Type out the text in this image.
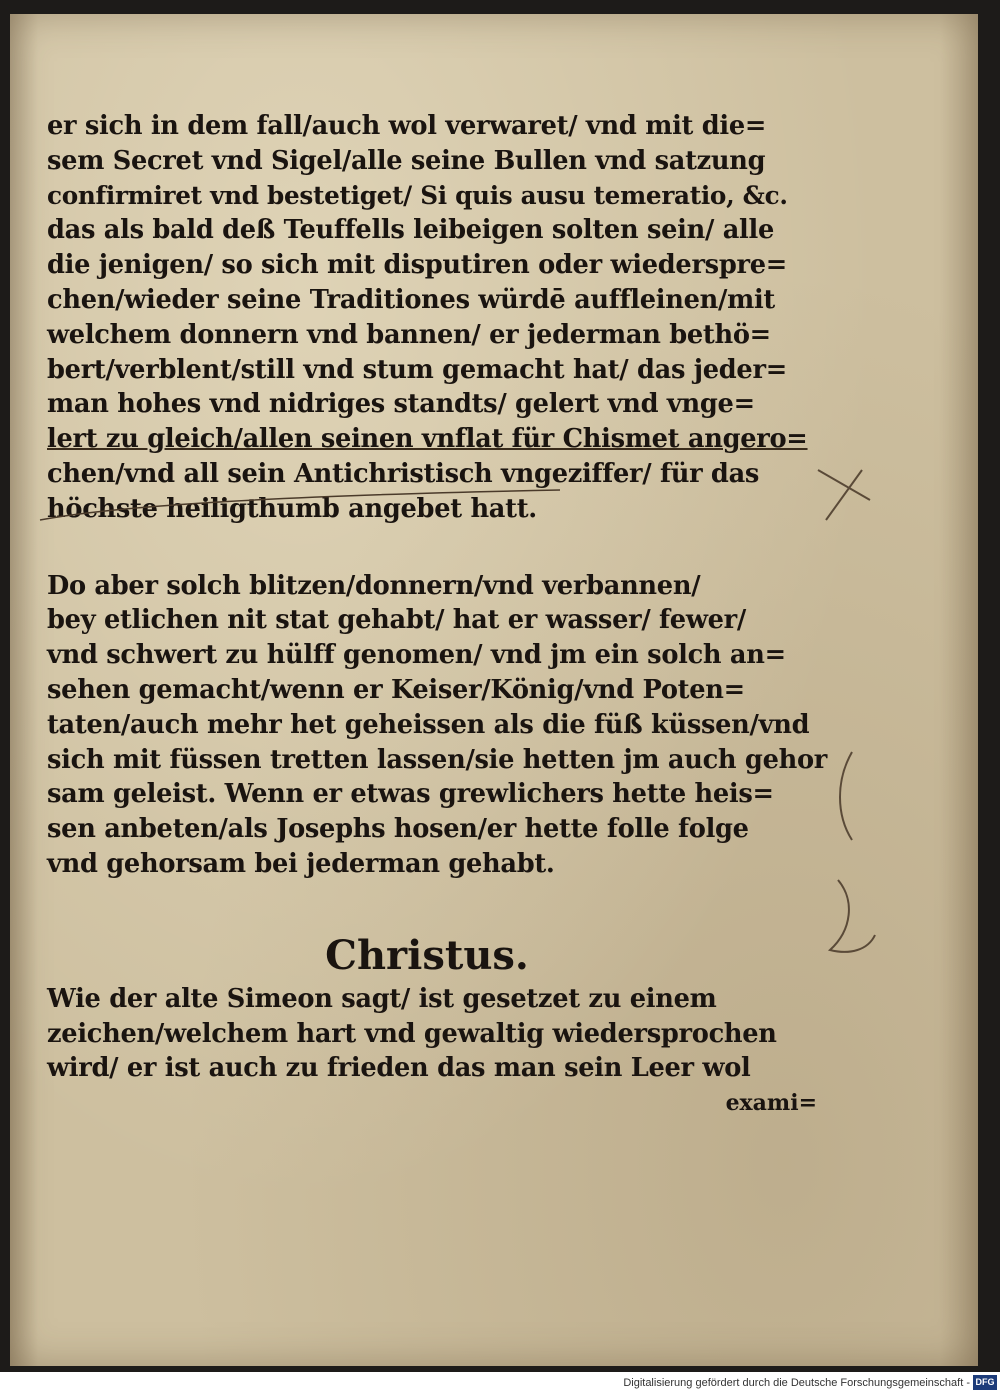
er sich in dem fall/auch wol verwaret/ vnd mit die=
sem Secret vnd Sigel/alle seine Bullen vnd satzung
confirmiret vnd bestetiget/ Si quis ausu temeratio, &c.
das als bald deß Teuffells leibeigen solten sein/ alle
die jenigen/ so sich mit disputiren oder wiederspre=
chen/wieder seine Traditiones würdē auffleinen/mit
welchem donnern vnd bannen/ er jederman bethö=
bert/verblent/still vnd stum gemacht hat/ das jeder=
man hohes vnd nidriges standts/ gelert vnd vnge=
lert zu gleich/allen seinen vnflat für Chismet angero=
chen/vnd all sein Antichristisch vngeziffer/ für das
höchste heiligthumb angebet hatt.
Do aber solch blitzen/donnern/vnd verbannen/
bey etlichen nit stat gehabt/ hat er wasser/ fewer/
vnd schwert zu hülff genomen/ vnd jm ein solch an=
sehen gemacht/wenn er Keiser/König/vnd Poten=
taten/auch mehr het geheissen als die füß küssen/vnd
sich mit füssen tretten lassen/sie hetten jm auch gehor
sam geleist. Wenn er etwas grewlichers hette heis=
sen anbeten/als Josephs hosen/er hette folle folge
vnd gehorsam bei jederman gehabt.
Christus.
Wie der alte Simeon sagt/ ist gesetzet zu einem
zeichen/welchem hart vnd gewaltig wiedersprochen
wird/ er ist auch zu frieden das man sein Leer wol
exami=
Digitalisierung gefördert durch die Deutsche Forschungsgemeinschaft - DFG
